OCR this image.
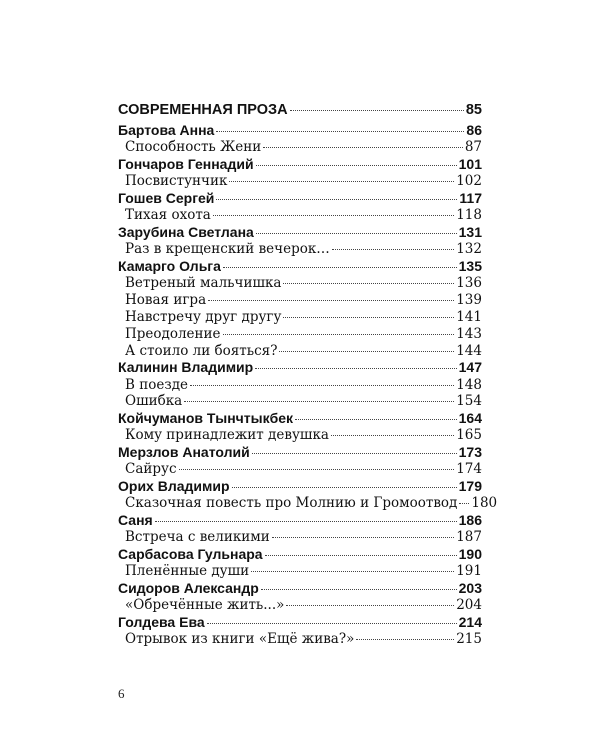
СОВРЕМЕННАЯ ПРОЗА	85
Бартова Анна	86
Способность Жени	87
Гончаров Геннадий	101
Посвистунчик	102
Гошев Сергей	117
Тихая охота	118
Зарубина Светлана	131
Раз в крещенский вечерок…	132
Камарго Ольга	135
Ветреный мальчишка	136
Новая игра	139
Навстречу друг другу	141
Преодоление	143
А стоило ли бояться?	144
Калинин Владимир	147
В поезде	148
Ошибка	154
Койчуманов Тынчтыкбек	164
Кому принадлежит девушка	165
Мерзлов Анатолий	173
Сайрус	174
Орих Владимир	179
Сказочная повесть про Молнию и Громоотвод 180
Саня	186
Встреча с великими	187
Сарбасова Гульнара	190
Пленённые души	191
Сидоров Александр	203
«Обречённые жить...»	204
Голдева Ева	214
Отрывок из книги «Ещё жива?»	215
6
